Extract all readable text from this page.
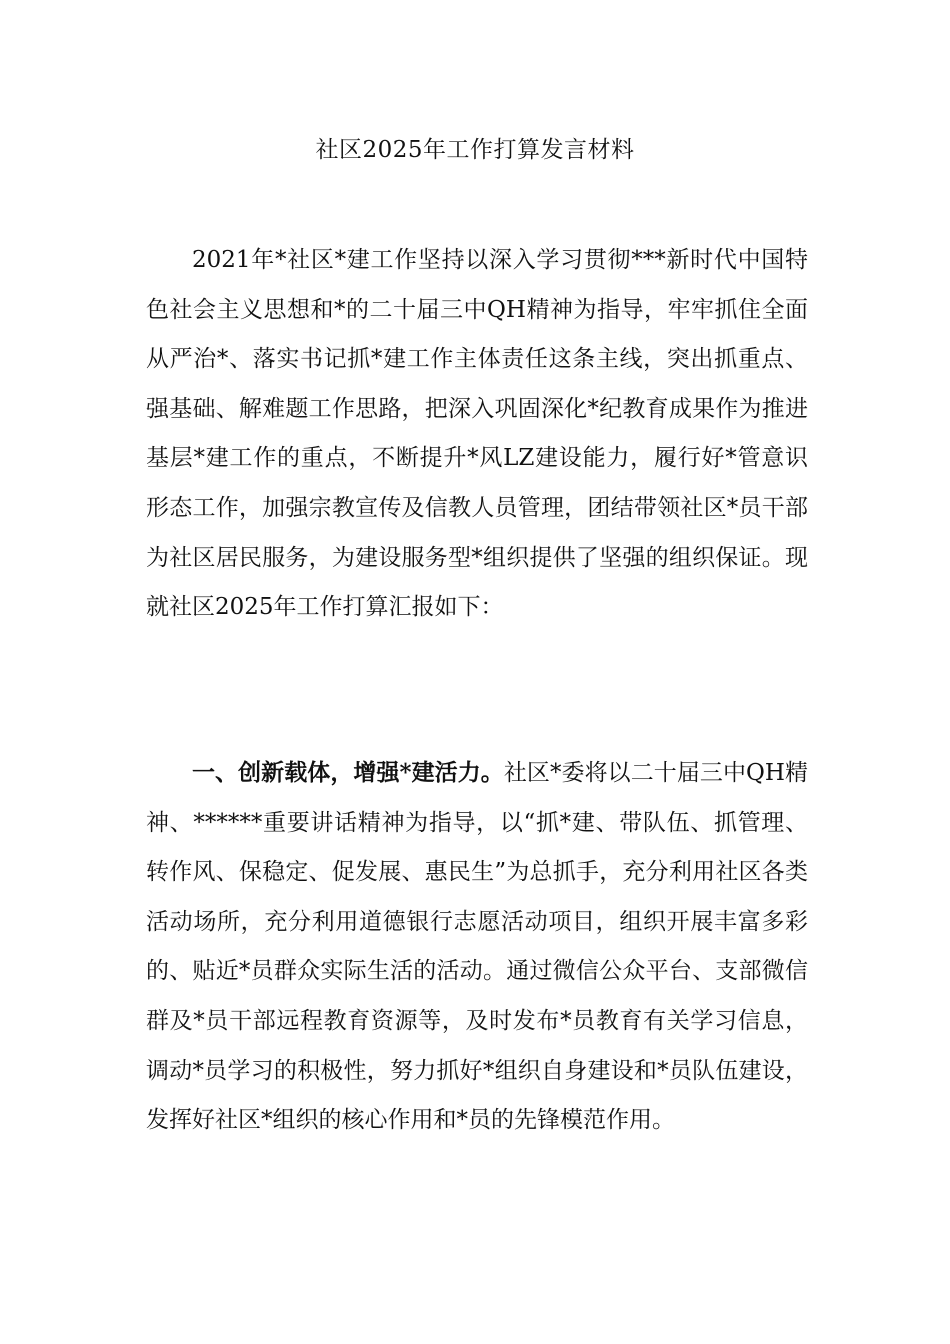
社区2025年工作打算发言材料

2021年*社区*建工作坚持以深入学习贯彻***新时代中国特色社会主义思想和*的二十届三中QH精神为指导，牢牢抓住全面从严治*、落实书记抓*建工作主体责任这条主线，突出抓重点、强基础、解难题工作思路，把深入巩固深化*纪教育成果作为推进基层*建工作的重点，不断提升*风LZ建设能力，履行好*管意识形态工作，加强宗教宣传及信教人员管理，团结带领社区*员干部为社区居民服务，为建设服务型*组织提供了坚强的组织保证。现就社区2025年工作打算汇报如下：

一、创新载体，增强*建活力。社区*委将以二十届三中QH精神、******重要讲话精神为指导，以“抓*建、带队伍、抓管理、转作风、保稳定、促发展、惠民生”为总抓手，充分利用社区各类活动场所，充分利用道德银行志愿活动项目，组织开展丰富多彩的、贴近*员群众实际生活的活动。通过微信公众平台、支部微信群及*员干部远程教育资源等，及时发布*员教育有关学习信息，调动*员学习的积极性，努力抓好*组织自身建设和*员队伍建设，发挥好社区*组织的核心作用和*员的先锋模范作用。
